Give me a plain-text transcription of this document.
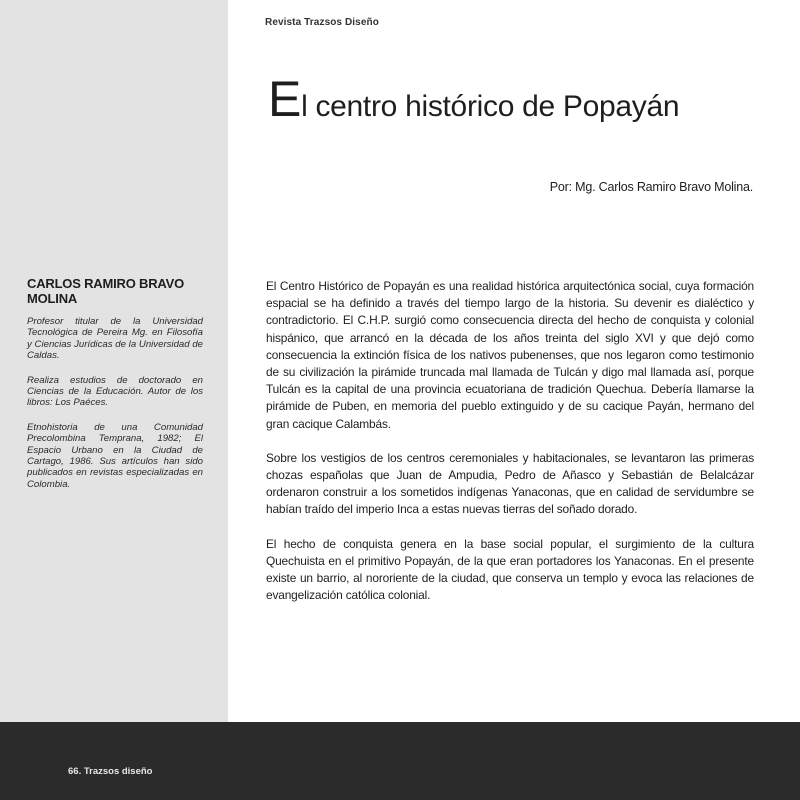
Revista Trazsos Diseño
El centro histórico de Popayán
Por: Mg. Carlos Ramiro Bravo Molina.
CARLOS RAMIRO BRAVO MOLINA

Profesor titular de la Universidad Tecnológica de Pereira Mg. en Filosofía y Ciencias Jurídicas de la Universidad de Caldas.

Realiza estudios de doctorado en Ciencias de la Educación. Autor de los libros: Los Paéces.

Etnohistoria de una Comunidad Precolombina Temprana, 1982; El Espacio Urbano en la Ciudad de Cartago, 1986. Sus artículos han sido publicados en revistas especializadas en Colombia.

El Centro Histórico de Popayán es una realidad histórica arquitectónica social, cuya formación espacial se ha definido a través del tiempo largo de la historia. Su devenir es dialéctico y contradictorio. El C.H.P. surgió como consecuencia directa del hecho de conquista y colonial hispánico, que arrancó en la década de los años treinta del siglo XVI y que dejó como consecuencia la extinción física de los nativos pubenenses, que nos legaron como testimonio de su civilización la pirámide truncada mal llamada de Tulcán y digo mal llamada así, porque Tulcán es la capital de una provincia ecuatoriana de tradición Quechua. Debería llamarse la pirámide de Puben, en memoria del pueblo extinguido y de su cacique Payán, hermano del gran cacique Calambás.

Sobre los vestigios de los centros ceremoniales y habitacionales, se levantaron las primeras chozas españolas que Juan de Ampudia, Pedro de Añasco y Sebastián de Belalcázar ordenaron construir a los sometidos indígenas Yanaconas, que en calidad de servidumbre se habían traído del imperio Inca a estas nuevas tierras del soñado dorado.

El hecho de conquista genera en la base social popular, el surgimiento de la cultura Quechuista en el primitivo Popayán, de la que eran portadores los Yanaconas. En el presente existe un barrio, al nororiente de la ciudad, que conserva un templo y evoca las relaciones de evangelización católica colonial.

66. Trazsos diseño
